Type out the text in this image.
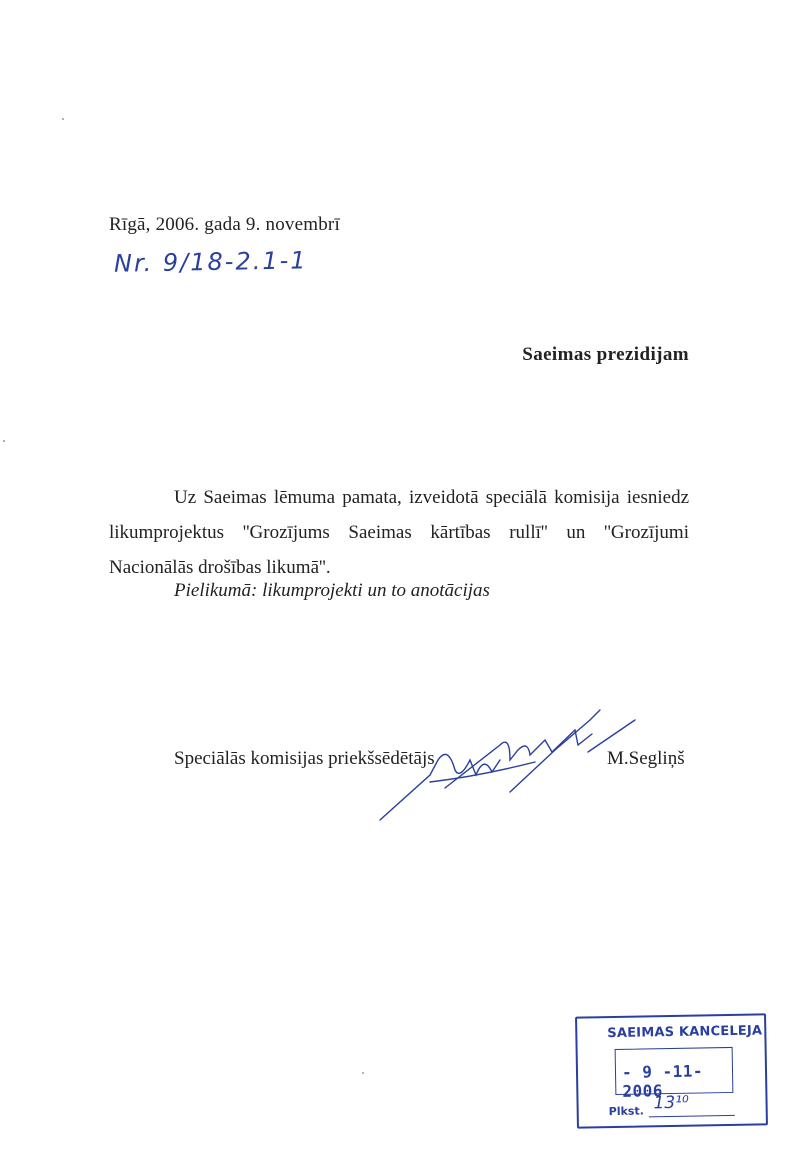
Rīgā, 2006. gada 9. novembrī
Nr. 9/18-2.1-1
Saeimas prezidijam
Uz Saeimas lēmuma pamata, izveidotā speciālā komisija iesniedz likumprojektus ''Grozījums Saeimas kārtības rullī'' un ''Grozījumi Nacionālās drošības likumā''.
Pielikumā: likumprojekti un to anotācijas
Speciālās komisijas priekšsēdētājs	M.Segliņš
SAEIMAS KANCELEJA
- 9 -11- 2006
Plkst. 13¹⁰
